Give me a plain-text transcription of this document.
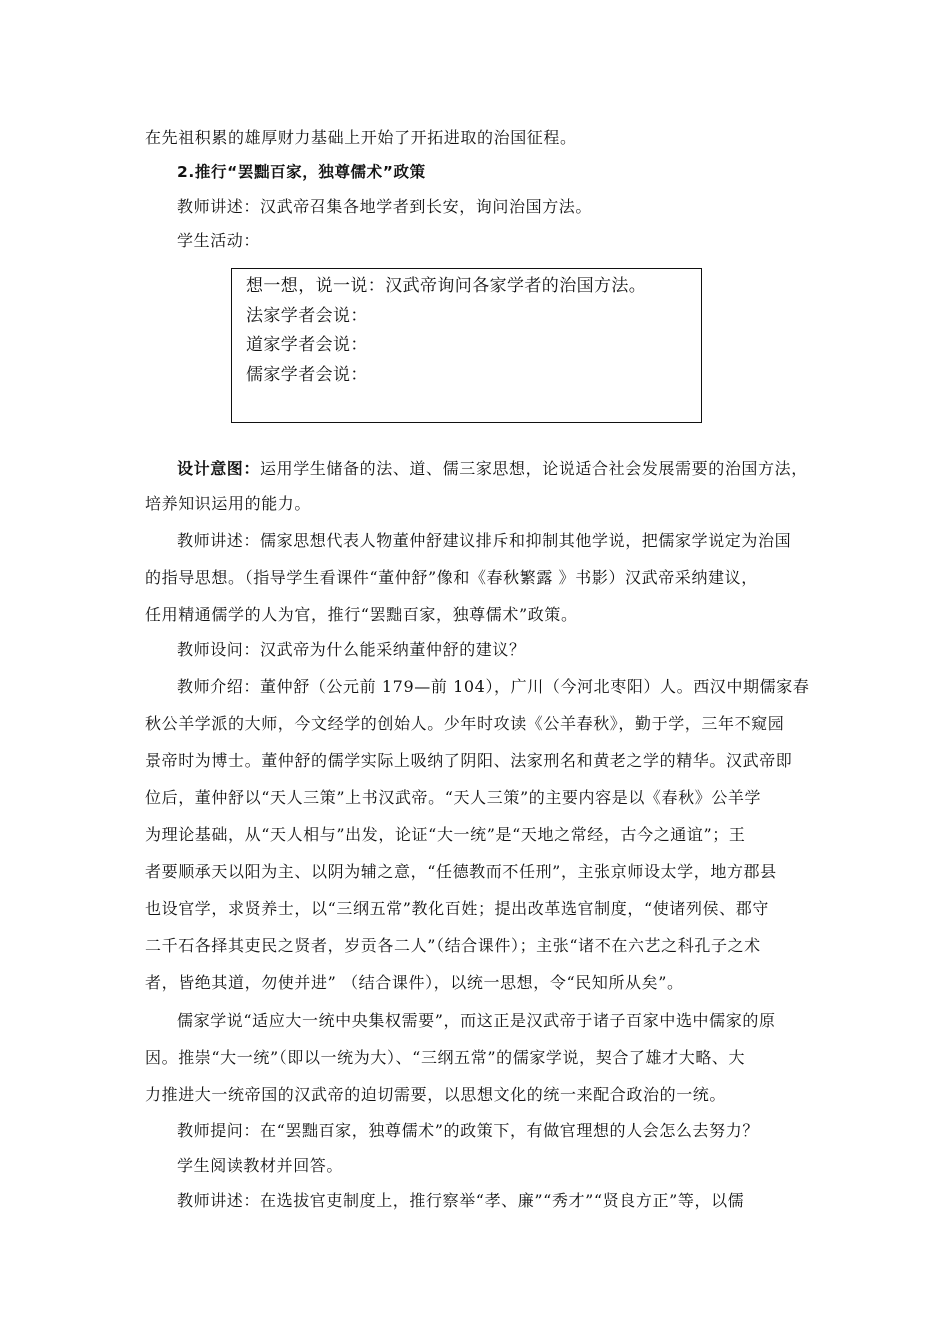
在先祖积累的雄厚财力基础上开始了开拓进取的治国征程。
2.推行“罢黜百家，独尊儒术”政策
教师讲述：汉武帝召集各地学者到长安，询问治国方法。
学生活动：
想一想，说一说：汉武帝询问各家学者的治国方法。
法家学者会说：
道家学者会说：
儒家学者会说：
设计意图：运用学生储备的法、道、儒三家思想，论说适合社会发展需要的治国方法，
培养知识运用的能力。
教师讲述：儒家思想代表人物董仲舒建议排斥和抑制其他学说，把儒家学说定为治国
的指导思想。（指导学生看课件“董仲舒”像和《春秋繁露 》书影）汉武帝采纳建议，
任用精通儒学的人为官，推行“罢黜百家，独尊儒术”政策。
教师设问：汉武帝为什么能采纳董仲舒的建议？
教师介绍：董仲舒（公元前 179—前 104），广川（今河北枣阳）人。西汉中期儒家春
秋公羊学派的大师，今文经学的创始人。少年时攻读《公羊春秋》，勤于学，三年不窥园
景帝时为博士。董仲舒的儒学实际上吸纳了阴阳、法家刑名和黄老之学的精华。汉武帝即
位后，董仲舒以“天人三策”上书汉武帝。“天人三策”的主要内容是以《春秋》公羊学
为理论基础，从“天人相与”出发，论证“大一统”是“天地之常经，古今之通谊”；王
者要顺承天以阳为主、以阴为辅之意，“任德教而不任刑”，主张京师设太学，地方郡县
也设官学，求贤养士，以“三纲五常”教化百姓；提出改革选官制度，“使诸列侯、郡守
二千石各择其吏民之贤者，岁贡各二人”（结合课件）；主张“诸不在六艺之科孔子之术
者，皆绝其道，勿使并进” （结合课件），以统一思想，令“民知所从矣”。
儒家学说“适应大一统中央集权需要”，而这正是汉武帝于诸子百家中选中儒家的原
因。推崇“大一统”（即以一统为大）、“三纲五常”的儒家学说，契合了雄才大略、大
力推进大一统帝国的汉武帝的迫切需要，以思想文化的统一来配合政治的一统。
教师提问：在“罢黜百家，独尊儒术”的政策下，有做官理想的人会怎么去努力？
学生阅读教材并回答。
教师讲述：在选拔官吏制度上，推行察举“孝、廉”“秀才”“贤良方正”等，以儒
